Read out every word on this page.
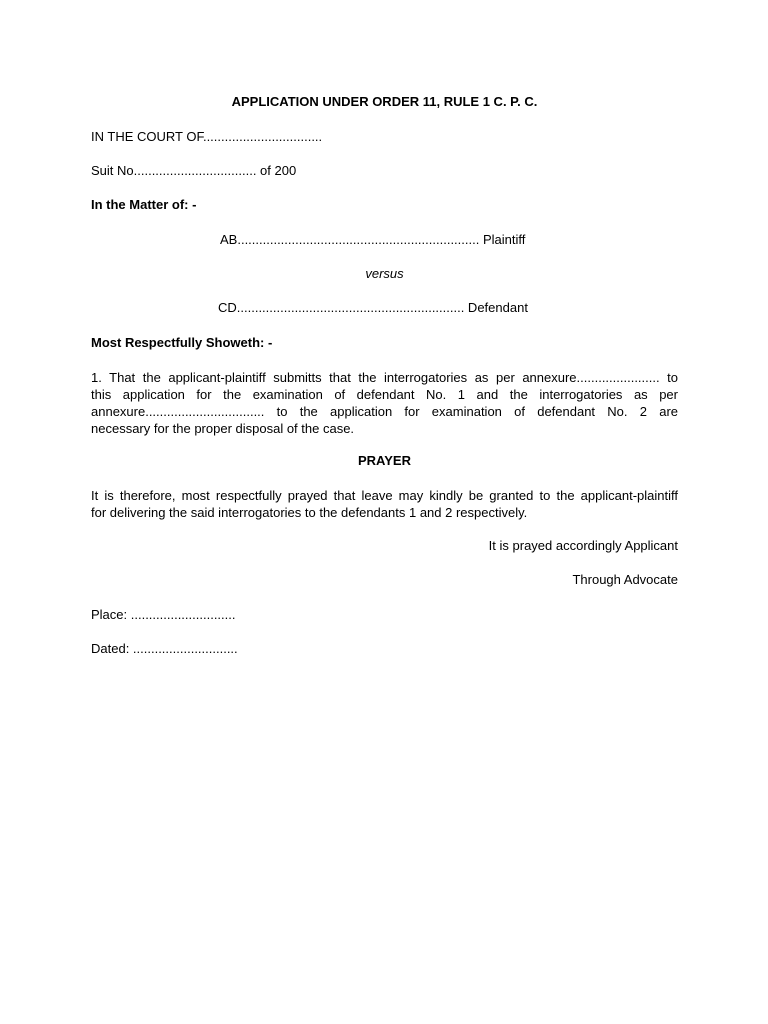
APPLICATION UNDER ORDER 11, RULE 1 C. P. C.
IN THE COURT OF.................................
Suit No.................................. of 200
In the Matter of: -
AB................................................................... Plaintiff
versus
CD............................................................... Defendant
Most Respectfully Showeth: -
1. That the applicant-plaintiff submitts that the interrogatories as per annexure....................... to
this application for the examination of defendant No. 1 and the interrogatories as per
annexure................................. to the application for examination of defendant No. 2 are
necessary for the proper disposal of the case.
PRAYER
It is therefore, most respectfully prayed that leave may kindly be granted to the applicant-plaintiff
for delivering the said interrogatories to the defendants 1 and 2 respectively.
It is prayed accordingly Applicant
Through Advocate
Place: .............................
Dated: .............................
